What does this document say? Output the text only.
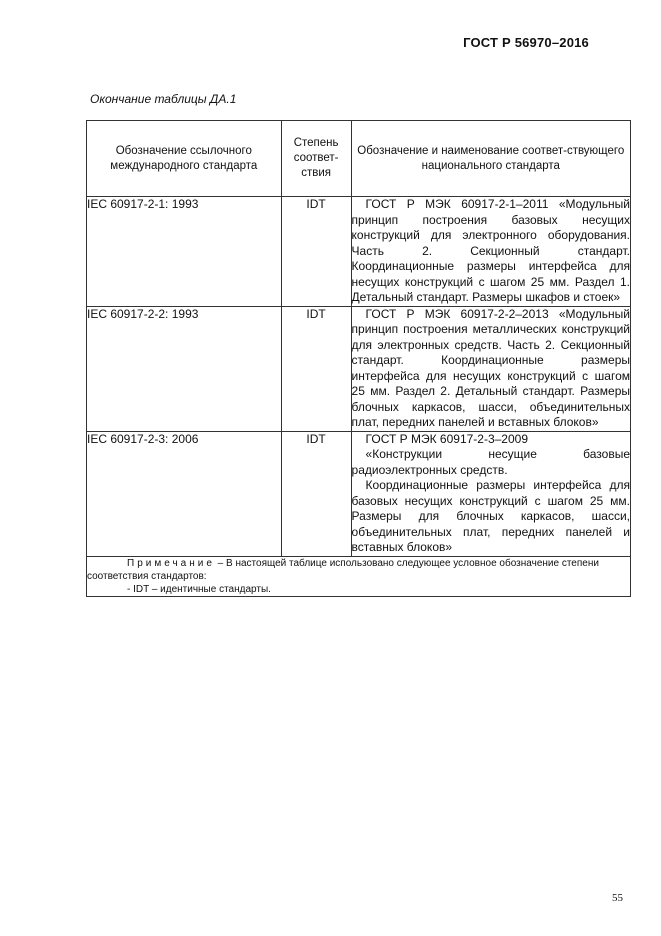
ГОСТ Р 56970–2016
Окончание таблицы ДА.1
Обозначение ссылочного международного стандарта	Степень соответ-ствия	Обозначение и наименование соответ-ствующего национального стандарта
IEC 60917-2-1: 1993	IDT	ГОСТ Р МЭК 60917-2-1–2011 «Модульный принцип построения базовых несущих конструкций для электронного оборудования. Часть 2. Секционный стандарт. Координационные размеры интерфейса для несущих конструкций с шагом 25 мм. Раздел 1. Детальный стандарт. Размеры шкафов и стоек»

IEC 60917-2-2: 1993	IDT	ГОСТ Р МЭК 60917-2-2–2013 «Модульный принцип построения металлических конструкций для электронных средств. Часть 2. Секционный стандарт. Координационные размеры интерфейса для несущих конструкций с шагом 25 мм. Раздел 2. Детальный стандарт. Размеры блочных каркасов, шасси, объединительных плат, передних панелей и вставных блоков»

IEC 60917-2-3: 2006	IDT	ГОСТ Р МЭК 60917-2-3–2009

«Конструкции несущие базовые радиоэлектронных средств.

Координационные размеры интерфейса для базовых несущих конструкций с шагом 25 мм. Размеры для блочных каркасов, шасси, объединительных плат, передних панелей и вставных блоков»

Примечание – В настоящей таблице использовано следующее условное обозначение степени соответствия стандартов:
- IDT – идентичные стандарты.		
55
